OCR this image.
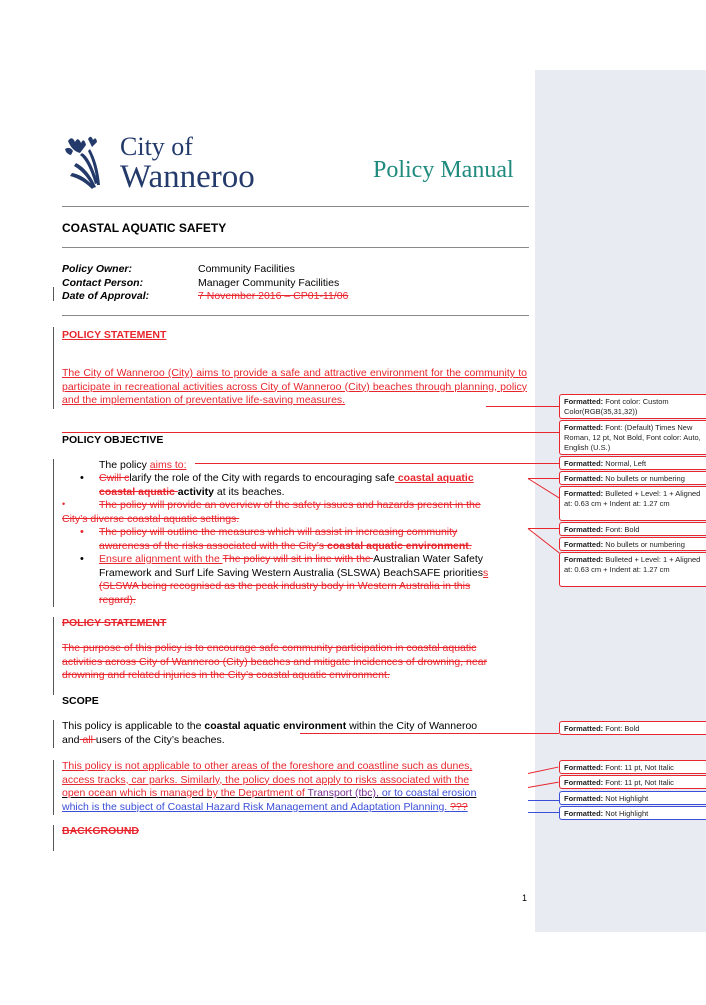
City of
Wanneroo	Policy Manual
COASTAL AQUATIC SAFETY
Policy Owner:	Community Facilities
Contact Person:	Manager Community Facilities
Date of Approval:	7 November 2016 – CP01-11/06
POLICY STATEMENT
The City of Wanneroo (City) aims to provide a safe and attractive environment for the community to participate in recreational activities across City of Wanneroo (City) beaches through planning, policy and the implementation of preventative life-saving measures.
POLICY OBJECTIVE
The policy aims to:
• Cwill clarify the role of the City with regards to encouraging safe coastal aquatic
coastal aquatic activity at its beaches.
•	The policy will provide an overview of the safety issues and hazards present in the
City’s diverse coastal aquatic settings.
• The policy will outline the measures which will assist in increasing community
awareness of the risks associated with the City’s coastal aquatic environment.
• Ensure alignment with the The policy will sit in line with the Australian Water Safety
Framework and Surf Life Saving Western Australia (SLSWA) BeachSAFE prioritiess
(SLSWA being recognised as the peak industry body in Western Australia in this
regard).
POLICY STATEMENT
The purpose of this policy is to encourage safe community participation in coastal aquatic
activities across City of Wanneroo (City) beaches and mitigate incidences of drowning, near
drowning and related injuries in the City’s coastal aquatic environment.
SCOPE
This policy is applicable to the coastal aquatic environment within the City of Wanneroo
and all users of the City’s beaches.
This policy is not applicable to other areas of the foreshore and coastline such as dunes,
access tracks, car parks. Similarly, the policy does not apply to risks associated with the
open ocean which is managed by the Department of Transport (tbc), or to coastal erosion
which is the subject of Coastal Hazard Risk Management and Adaptation Planning. ???
BACKGROUND
1
Formatted: Font color: Custom Color(RGB(35,31,32))
Formatted: Font: (Default) Times New Roman, 12 pt, Not Bold, Font color: Auto, English (U.S.)
Formatted: Normal, Left
Formatted: No bullets or numbering
Formatted: Bulleted + Level: 1 + Aligned at: 0.63 cm + Indent at: 1.27 cm
Formatted: Font: Bold
Formatted: No bullets or numbering
Formatted: Bulleted + Level: 1 + Aligned at: 0.63 cm + Indent at: 1.27 cm
Formatted: Font: Bold
Formatted: Font: 11 pt, Not Italic
Formatted: Font: 11 pt, Not Italic
Formatted: Not Highlight
Formatted: Not Highlight
